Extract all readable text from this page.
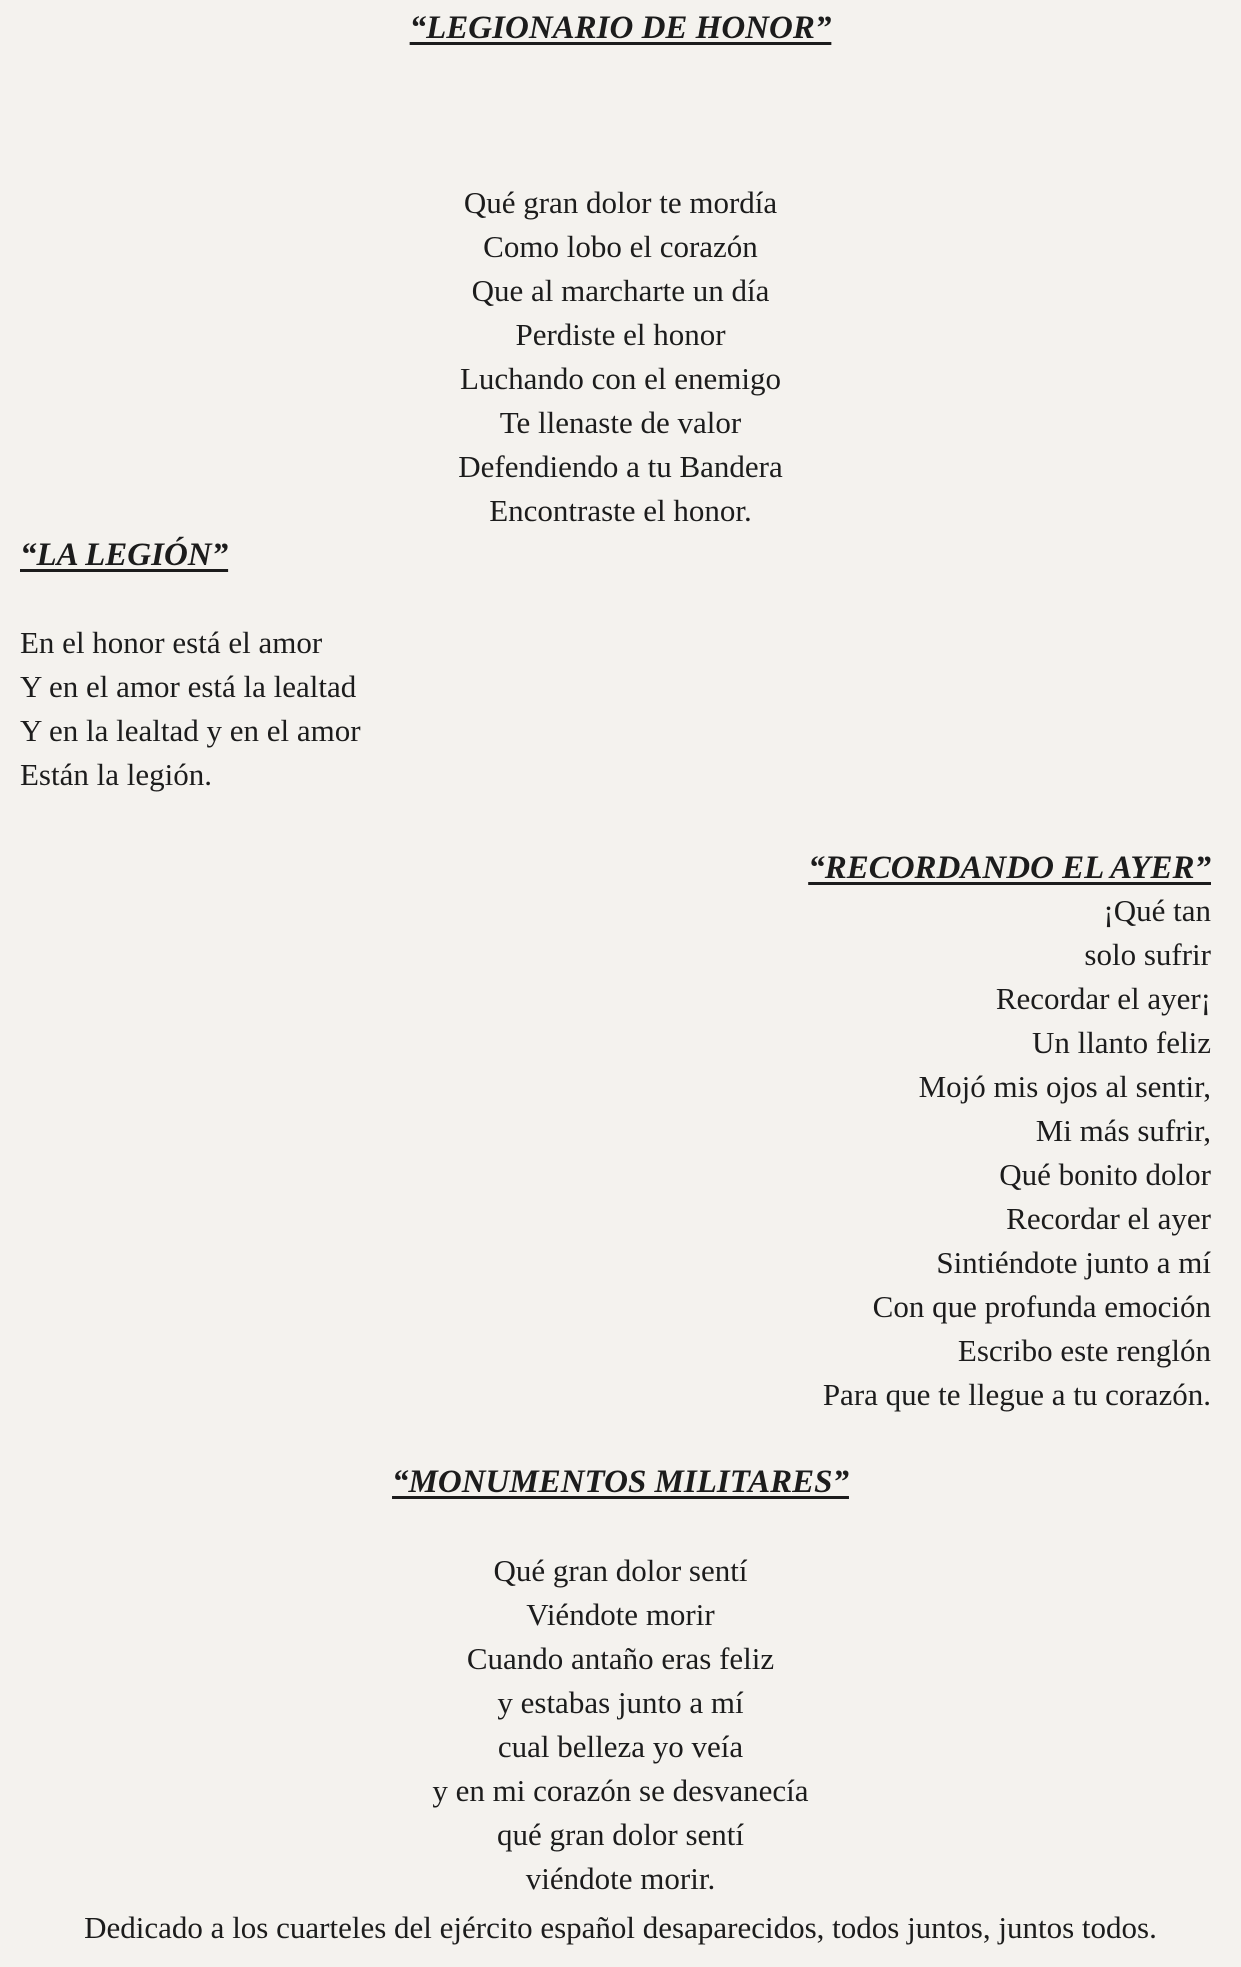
“LEGIONARIO DE HONOR”
Qué gran dolor te mordía
Como lobo el corazón
Que al marcharte un día
Perdiste el honor
Luchando con el enemigo
Te llenaste de valor
Defendiendo a tu Bandera
Encontraste el honor.
“LA LEGIÓN”
En el honor está el amor
Y en el amor está la lealtad
Y en la lealtad y en el amor
Están la legión.
“RECORDANDO EL AYER”
¡Qué tan
solo sufrir
Recordar el ayer¡
Un llanto feliz
Mojó mis ojos al sentir,
Mi más sufrir,
Qué bonito dolor
Recordar el ayer
Sintiéndote junto a mí
Con que profunda emoción
Escribo este renglón
Para que te llegue a tu corazón.
“MONUMENTOS MILITARES”
Qué gran dolor sentí
Viéndote morir
Cuando antaño eras feliz
y estabas junto a mí
cual belleza yo veía
y en mi corazón se desvanecía
qué gran dolor sentí
viéndote morir.
Dedicado a los cuarteles del ejército español desaparecidos, todos juntos, juntos todos.
